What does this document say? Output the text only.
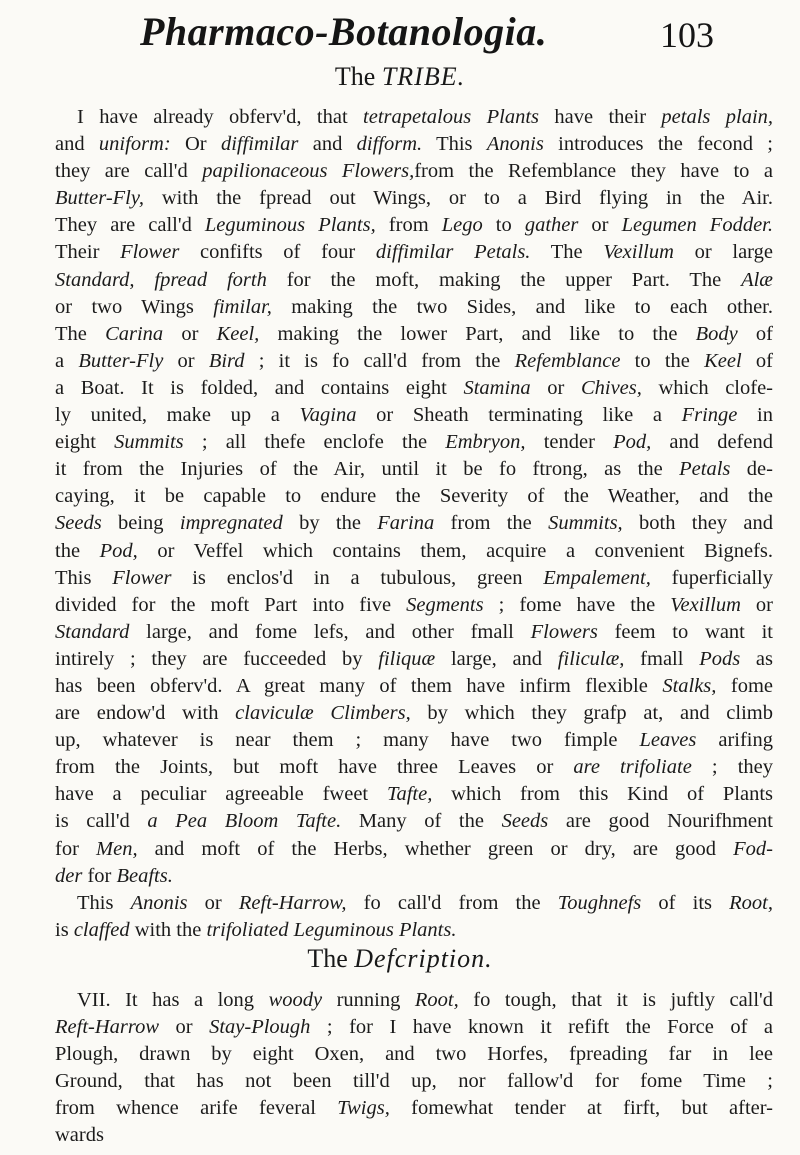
Pharmaco-Botanologia.	103
The TRIBE.
I have already obferv'd, that tetrapetalous Plants have their petals plain,
and uniform: Or diffimilar and difform. This Anonis introduces the fecond ;
they are call'd papilionaceous Flowers,from the Refemblance they have to a
Butter-Fly, with the fpread out Wings, or to a Bird flying in the Air.
They are call'd Leguminous Plants, from Lego to gather or Legumen Fodder.
Their Flower confifts of four diffimilar Petals. The Vexillum or large
Standard, fpread forth for the moft, making the upper Part. The Alæ
or two Wings fimilar, making the two Sides, and like to each other.
The Carina or Keel, making the lower Part, and like to the Body of
a Butter-Fly or Bird ; it is fo call'd from the Refemblance to the Keel of
a Boat. It is folded, and contains eight Stamina or Chives, which clofe-
ly united, make up a Vagina or Sheath terminating like a Fringe in
eight Summits ; all thefe enclofe the Embryon, tender Pod, and defend
it from the Injuries of the Air, until it be fo ftrong, as the Petals de-
caying, it be capable to endure the Severity of the Weather, and the
Seeds being impregnated by the Farina from the Summits, both they and
the Pod, or Veffel which contains them, acquire a convenient Bignefs.
This Flower is enclos'd in a tubulous, green Empalement, fuperficially
divided for the moft Part into five Segments ; fome have the Vexillum or
Standard large, and fome lefs, and other fmall Flowers feem to want it
intirely ; they are fucceeded by filiquæ large, and filiculæ, fmall Pods as
has been obferv'd. A great many of them have infirm flexible Stalks, fome
are endow'd with claviculæ Climbers, by which they grafp at, and climb
up, whatever is near them ; many have two fimple Leaves arifing
from the Joints, but moft have three Leaves or are trifoliate ; they
have a peculiar agreeable fweet Tafte, which from this Kind of Plants
is call'd a Pea Bloom Tafte. Many of the Seeds are good Nourifhment
for Men, and moft of the Herbs, whether green or dry, are good Fod-
der for Beafts.
This Anonis or Reft-Harrow, fo call'd from the Toughnefs of its Root,
is claffed with the trifoliated Leguminous Plants.
The Defcription.
VII. It has a long woody running Root, fo tough, that it is juftly call'd
Reft-Harrow or Stay-Plough ; for I have known it refift the Force of a
Plough, drawn by eight Oxen, and two Horfes, fpreading far in lee
Ground, that has not been till'd up, nor fallow'd for fome Time ;
from whence arife feveral Twigs, fomewhat tender at firft, but after-
wards
